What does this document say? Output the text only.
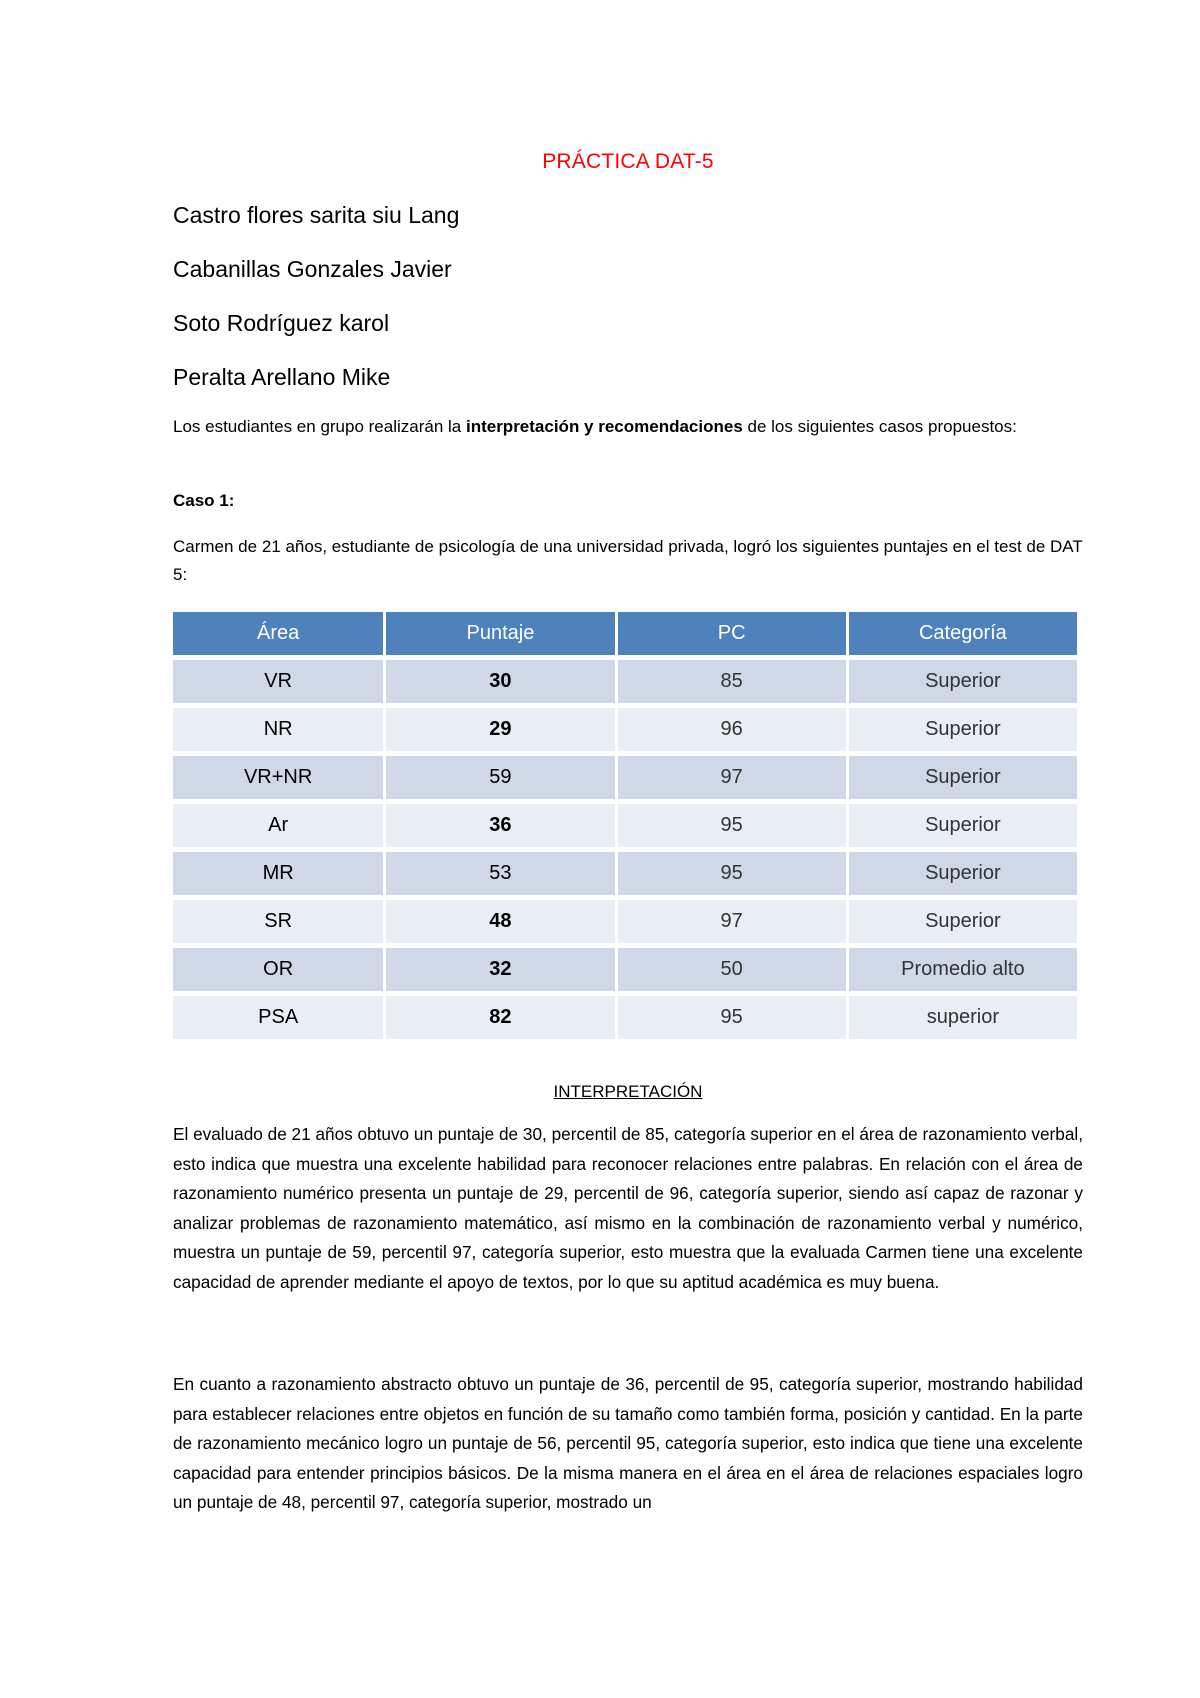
PRÁCTICA DAT-5
Castro flores sarita siu Lang
Cabanillas Gonzales Javier
Soto Rodríguez karol
Peralta Arellano Mike
Los estudiantes en grupo realizarán la interpretación y recomendaciones de los siguientes casos propuestos:
Caso 1:
Carmen de 21 años, estudiante de psicología de una universidad privada, logró los siguientes puntajes en el test de DAT 5:
Área	Puntaje	PC	Categoría
VR	30	85	Superior
NR	29	96	Superior
VR+NR	59	97	Superior
Ar	36	95	Superior
MR	53	95	Superior
SR	48	97	Superior
OR	32	50	Promedio alto
PSA	82	95	superior
INTERPRETACIÓN
El evaluado de 21 años obtuvo un puntaje de 30, percentil de 85, categoría superior en el área de razonamiento verbal, esto indica que muestra una excelente habilidad para reconocer relaciones entre palabras. En relación con el área de razonamiento numérico presenta un puntaje de 29, percentil de 96, categoría superior, siendo así capaz de razonar y analizar problemas de razonamiento matemático, así mismo en la combinación de razonamiento verbal y numérico, muestra un puntaje de 59, percentil 97, categoría superior, esto muestra que la evaluada Carmen tiene una excelente capacidad de aprender mediante el apoyo de textos, por lo que su aptitud académica es muy buena.
En cuanto a razonamiento abstracto obtuvo un puntaje de 36, percentil de 95, categoría superior, mostrando habilidad para establecer relaciones entre objetos en función de su tamaño como también forma, posición y cantidad. En la parte de razonamiento mecánico logro un puntaje de 56, percentil 95, categoría superior, esto indica que tiene una excelente capacidad para entender principios básicos. De la misma manera en el área en el área de relaciones espaciales logro un puntaje de 48, percentil 97, categoría superior, mostrado un
